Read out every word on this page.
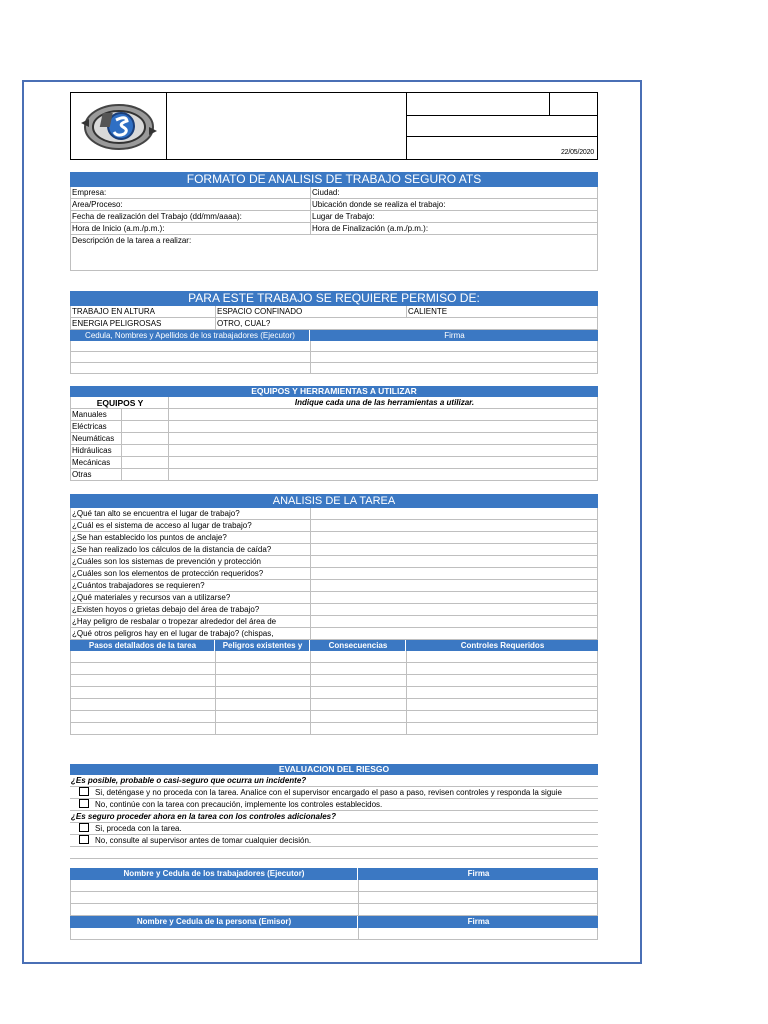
22/05/2020
FORMATO DE ANALISIS DE TRABAJO SEGURO ATS
Empresa:	Ciudad:
Area/Proceso:	Ubicación donde se realiza el trabajo:
Fecha de realización del Trabajo (dd/mm/aaaa):	Lugar de Trabajo:
Hora de Inicio (a.m./p.m.):	Hora de Finalización (a.m./p.m.):
Descripción de la tarea a realizar:
PARA ESTE TRABAJO SE REQUIERE PERMISO DE:
TRABAJO EN ALTURA	ESPACIO CONFINADO	CALIENTE
ENERGIA PELIGROSAS	OTRO, CUAL?
Cedula, Nombres y Apellidos de los trabajadores (Ejecutor)	Firma
EQUIPOS Y HERRAMIENTAS A UTILIZAR
EQUIPOS Y	Indique cada una de las herramientas a utilizar.
Manuales
Eléctricas
Neumáticas
Hidráulicas
Mecánicas
Otras
ANALISIS DE LA TAREA
¿Qué tan alto se encuentra el lugar de trabajo?
¿Cuál es el sistema de acceso al lugar de trabajo?
¿Se han establecido los puntos de anclaje?
¿Se han realizado los cálculos de la distancia de caída?
¿Cuáles son los sistemas de prevención y protección
¿Cuáles son los elementos de protección requeridos?
¿Cuántos trabajadores se requieren?
¿Qué materiales y recursos van a utilizarse?
¿Existen hoyos o grietas debajo del área de trabajo?
¿Hay peligro de resbalar o tropezar alrededor del área de
¿Qué otros peligros hay en el lugar de trabajo? (chispas,
Pasos detallados de la tarea	Peligros existentes y	Consecuencias	Controles Requeridos
EVALUACION DEL RIESGO
¿Es posible, probable o casi-seguro que ocurra un incidente?
Si, deténgase y no proceda con la tarea. Analice con el supervisor encargado el paso a paso, revisen controles y responda la siguie
No, continúe con la tarea con precaución, implemente los controles establecidos.
¿Es seguro proceder ahora en la tarea con los controles adicionales?
Si, proceda con la tarea.
No, consulte al supervisor antes de tomar cualquier decisión.
Nombre y Cedula de los trabajadores (Ejecutor)	Firma
Nombre y Cedula de la persona (Emisor)	Firma
